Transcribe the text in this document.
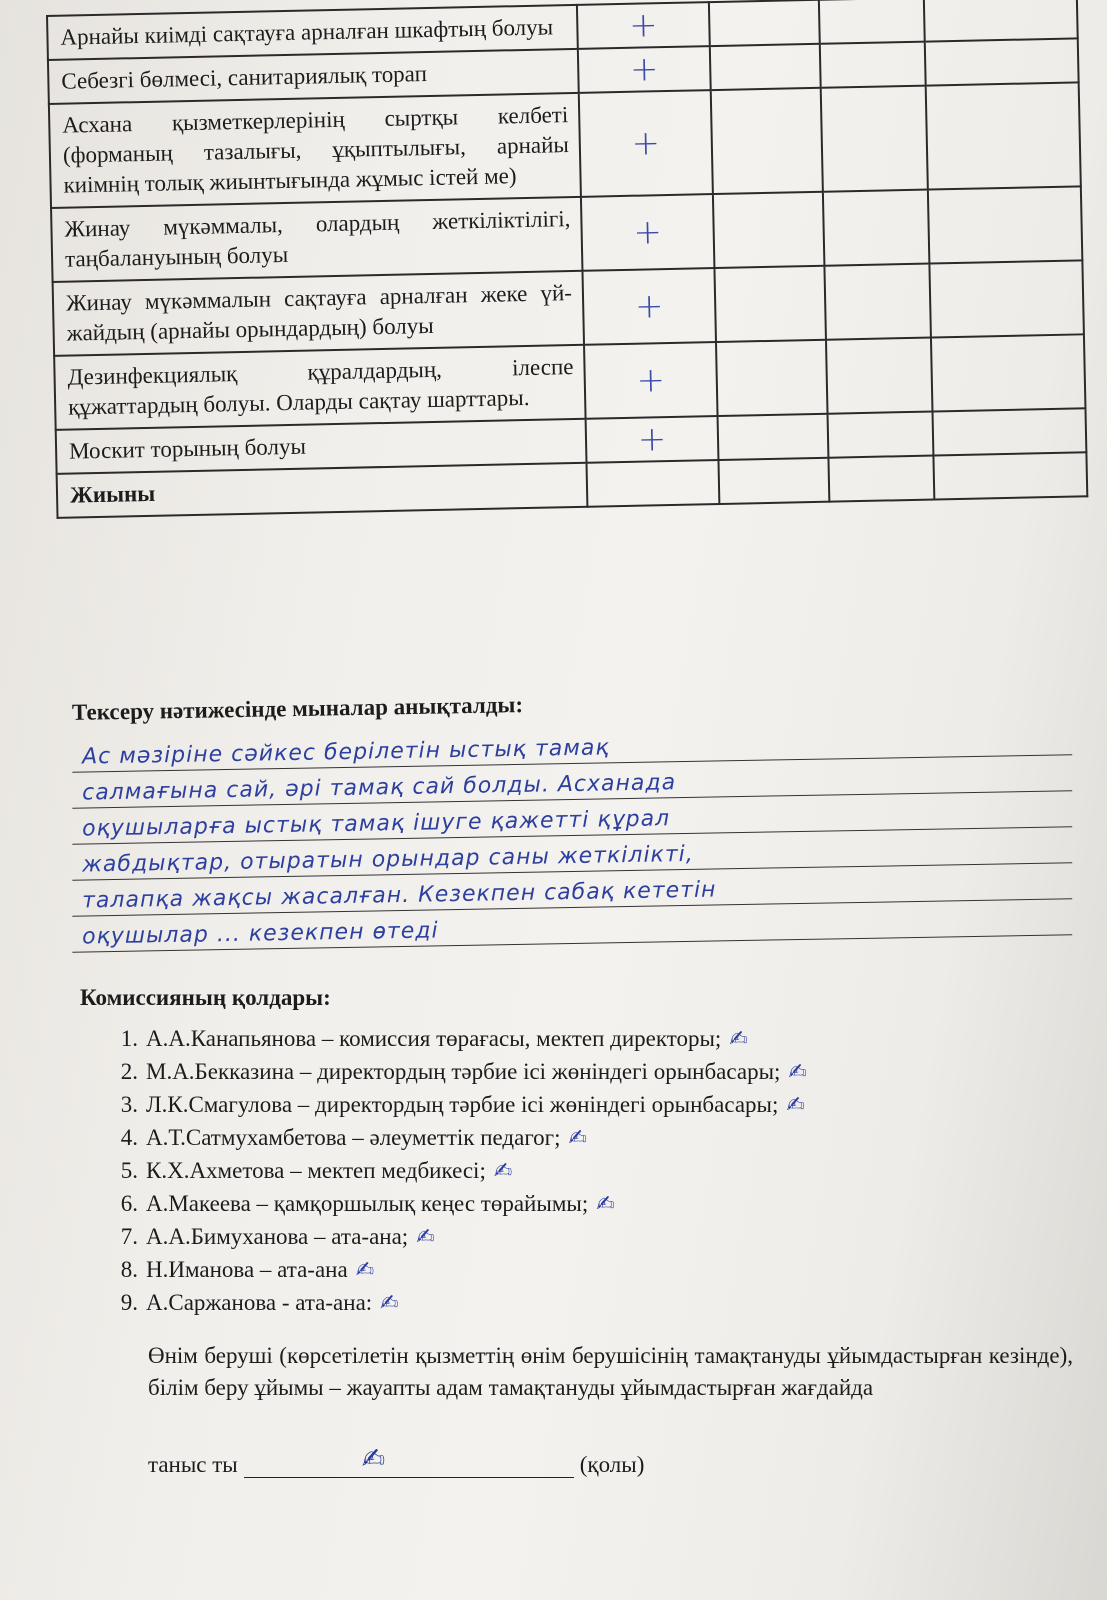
Арнайы киімді сақтауға арналған шкафтың болуы	+			
Себезгі бөлмесі, санитариялық торап	+			
Асхана қызметкерлерінің сыртқы келбеті (форманың тазалығы, ұқыптылығы, арнайы киімнің толық жиынтығында жұмыс істей ме)	+			
Жинау мүкәммалы, олардың жеткіліктілігі, таңбалануының болуы	+			
Жинау мүкәммалын сақтауға арналған жеке үй-жайдың (арнайы орындардың) болуы	+			
Дезинфекциялық құралдардың, ілеспе құжаттардың болуы. Оларды сақтау шарттары.	+			
Москит торының болуы	+			
Жиыны				
Тексеру нәтижесінде мыналар анықталды:
Ас мәзіріне сәйкес берілетін ыстық тамақ
салмағына сай, әрі тамақ сай болды. Асханада
оқушыларға ыстық тамақ ішуге қажетті құрал
жабдықтар, отыратын орындар саны жеткілікті,
талапқа жақсы жасалған. Кезекпен сабақ кететін
оқушылар ... кезекпен өтеді
Комиссияның қолдары:
1. А.А.Канапьянова – комиссия төрағасы, мектеп директоры; ✍
2. М.А.Бекказина – директордың тәрбие ісі жөніндегі орынбасары; ✍
3. Л.К.Смагулова – директордың тәрбие ісі жөніндегі орынбасары; ✍
4. А.Т.Сатмухамбетова – әлеуметтік педагог; ✍
5. К.Х.Ахметова – мектеп медбикесі; ✍
6. А.Макеева – қамқоршылық кеңес төрайымы; ✍
7. А.А.Бимуханова – ата-ана; ✍
8. Н.Иманова – ата-ана ✍
9. А.Саржанова - ата-ана: ✍
Өнім беруші (көрсетілетін қызметтің өнім берушісінің тамақтануды ұйымдастырған кезінде), білім беру ұйымы – жауапты адам тамақтануды ұйымдастырған жағдайда
таныс ты	✍	(қолы)
